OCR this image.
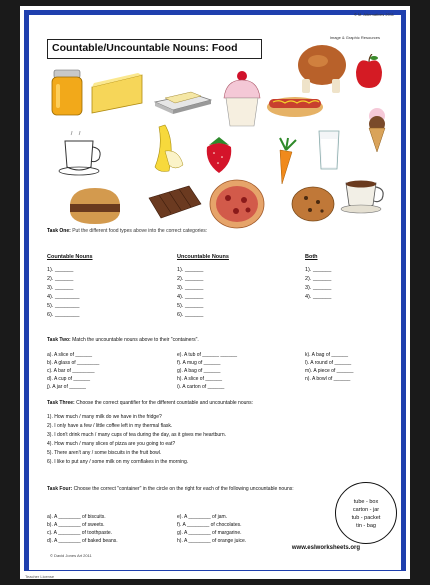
© M. Alternatives 2011
Image & Graphic Resources
Countable/Uncountable Nouns: Food
Task One: Put the different food types above into the correct categories:
Countable Nouns
1). ______
2). ______
3). ______
4). ________
5). ________
6). ________
Uncountable Nouns
1). ______
2). ______
3). ______
4). ______
5). ______
6). ______
Both
1). ______
2). ______
3). ______
4). ______
Task Two: Match the uncountable nouns above to their "containers".
a). A slice of ______
b). A glass of ________
c). A bar of ________
d). A cup of ______
j). A jar of ______
e). A tub of ______ ______
f). A mug of ______
g). A bag of ______
h). A slice of ______
i). A carton of ______
k). A bag of ______
l). A round of ______
m). A piece of ______
n). A bowl of ______
Task Three: Choose the correct quantifier for the different countable and uncountable nouns:
1). How much / many milk do we have in the fridge?
2). I only have a few / little coffee left in my thermal flask.
3). I don't drink much / many cups of tea during the day, as it gives me heartburn.
4). How much / many slices of pizza are you going to eat?
5). There aren't any / some biscuits in the fruit bowl.
6). I like to put any / some milk on my cornflakes in the morning.
Task Four: Choose the correct "container" in the circle on the right for each of the following uncountable nouns:
a). A ________ of biscuits.
b). A ________ of sweets.
c). A ________ of toothpaste.
d). A ________ of baked beans.
e). A ________ of jam.
f). A ________ of chocolates.
g). A ________ of margarine.
h). A ________ of orange juice.
tube - box
carton - jar
tub - packet
tin - bag
www.eslworksheets.org
© David Jones Art 2011
Teacher License
